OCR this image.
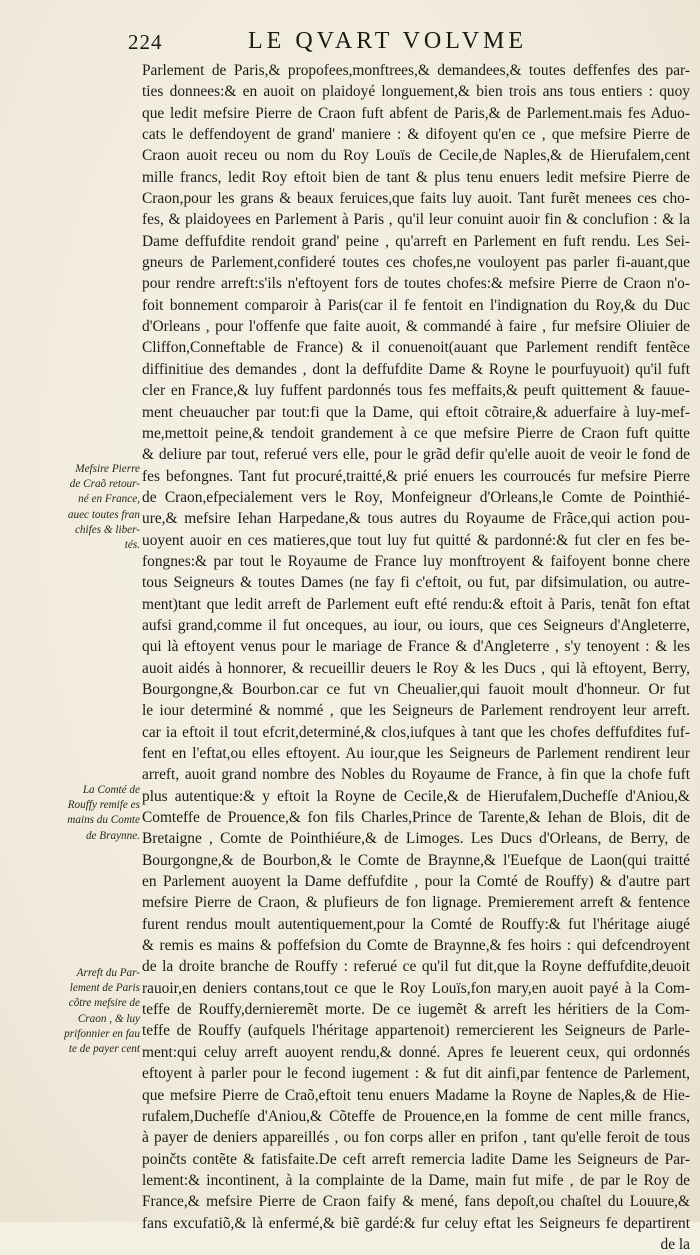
224	LE QVART VOLVME
Parlement de Paris,& propofees,monftrees,& demandees,& toutes deffenfes des par-
ties donnees:& en auoit on plaidoyé longuement,& bien trois ans tous entiers : quoy
que ledit mefsire Pierre de Craon fuft abfent de Paris,& de Parlement.mais fes Aduo-
cats le deffendoyent de grand' maniere : & difoyent qu'en ce , que mefsire Pierre de
Craon auoit receu ou nom du Roy Louïs de Cecile,de Naples,& de Hierufalem,cent
mille francs, ledit Roy eftoit bien de tant & plus tenu enuers ledit mefsire Pierre de
Craon,pour les grans & beaux feruices,que faits luy auoit. Tant furẽt menees ces cho-
fes, & plaidoyees en Parlement à Paris , qu'il leur conuint auoir fin & conclufion : & la
Dame deffufdite rendoit grand' peine , qu'arreft en Parlement en fuft rendu. Les Sei-
gneurs de Parlement,confideré toutes ces chofes,ne vouloyent pas parler fi-auant,que
pour rendre arreft:s'ils n'eftoyent fors de toutes chofes:& mefsire Pierre de Craon n'o-
foit bonnement comparoir à Paris(car il fe fentoit en l'indignation du Roy,& du Duc
d'Orleans , pour l'offenfe que faite auoit, & commandé à faire , fur mefsire Oliuier de
Cliffon,Conneftable de France) & il conuenoit(auant que Parlement rendift fentẽce
diffinitiue des demandes , dont la deffufdite Dame & Royne le pourfuyuoit) qu'il fuft
cler en France,& luy fuffent pardonnés tous fes meffaits,& peuft quittement & fauue-
ment cheuaucher par tout:fi que la Dame, qui eftoit cõtraire,& aduerfaire à luy-mef-
me,mettoit peine,& tendoit grandement à ce que mefsire Pierre de Craon fuft quitte
& deliure par tout, referué vers elle, pour le grãd defir qu'elle auoit de veoir le fond de
fes befongnes. Tant fut procuré,traitté,& prié enuers les courroucés fur mefsire Pierre
de Craon,efpecialement vers le Roy, Monfeigneur d'Orleans,le Comte de Pointhié-
ure,& mefsire Iehan Harpedane,& tous autres du Royaume de Frãce,qui action pou-
uoyent auoir en ces matieres,que tout luy fut quitté & pardonné:& fut cler en fes be-
fongnes:& par tout le Royaume de France luy monftroyent & faifoyent bonne chere
tous Seigneurs & toutes Dames (ne fay fi c'eftoit, ou fut, par difsimulation, ou autre-
ment)tant que ledit arreft de Parlement euft efté rendu:& eftoit à Paris, tenãt fon eftat
aufsi grand,comme il fut onceques, au iour, ou iours, que ces Seigneurs d'Angleterre,
qui là eftoyent venus pour le mariage de France & d'Angleterre , s'y tenoyent : & les
auoit aidés à honnorer, & recueillir deuers le Roy & les Ducs , qui là eftoyent, Berry,
Bourgongne,& Bourbon.car ce fut vn Cheualier,qui fauoit moult d'honneur. Or fut
le iour determiné & nommé , que les Seigneurs de Parlement rendroyent leur arreft.
car ia eftoit il tout efcrit,determiné,& clos,iufques à tant que les chofes deffufdites fuf-
fent en l'eftat,ou elles eftoyent. Au iour,que les Seigneurs de Parlement rendirent leur
arreft, auoit grand nombre des Nobles du Royaume de France, à fin que la chofe fuft
plus autentique:& y eftoit la Royne de Cecile,& de Hierufalem,Duchefſe d'Aniou,&
Comteffe de Prouence,& fon fils Charles,Prince de Tarente,& Iehan de Blois, dit de
Bretaigne , Comte de Pointhiéure,& de Limoges. Les Ducs d'Orleans, de Berry, de
Bourgongne,& de Bourbon,& le Comte de Braynne,& l'Euefque de Laon(qui traitté
en Parlement auoyent la Dame deffufdite , pour la Comté de Rouffy) & d'autre part
mefsire Pierre de Craon, & plufieurs de fon lignage. Premierement arreft & fentence
furent rendus moult autentiquement,pour la Comté de Rouffy:& fut l'héritage aiugé
& remis es mains & poffefsion du Comte de Braynne,& fes hoirs : qui defcendroyent
de la droite branche de Rouffy : referué ce qu'il fut dit,que la Royne deffufdite,deuoit
rauoir,en deniers contans,tout ce que le Roy Louïs,fon mary,en auoit payé à la Com-
teffe de Rouffy,dernieremẽt morte. De ce iugemẽt & arreft les héritiers de la Com-
teffe de Rouffy (aufquels l'héritage appartenoit) remercierent les Seigneurs de Parle-
ment:qui celuy arreft auoyent rendu,& donné. Apres fe leuerent ceux, qui ordonnés
eftoyent à parler pour le fecond iugement : & fut dit ainfi,par fentence de Parlement,
que mefsire Pierre de Craõ,eftoit tenu enuers Madame la Royne de Naples,& de Hie-
rufalem,Duchefſe d'Aniou,& Cõteffe de Prouence,en la fomme de cent mille francs,
à payer de deniers appareillés , ou fon corps aller en prifon , tant qu'elle feroit de tous
poinčts contẽte & fatisfaite.De ceft arreft remercia ladite Dame les Seigneurs de Par-
lement:& incontinent, à la complainte de la Dame, main fut mife , de par le Roy de
France,& mefsire Pierre de Craon faify & mené, fans depoſt,ou chaſtel du Louure,&
fans excufatiõ,& là enfermé,& biẽ gardé:& fur celuy eftat les Seigneurs fe departirent
de la
Mefsire Pierre
de Craõ retour-
né en France,
auec toutes fran
chifes & liber-
tés.
La Comté de
Rouffy remife es
mains du Comte
de Braynne.
Arreft du Par-
lement de Paris
cõtre mefsire de
Craon , & luy
prifonnier en fau
te de payer cent
